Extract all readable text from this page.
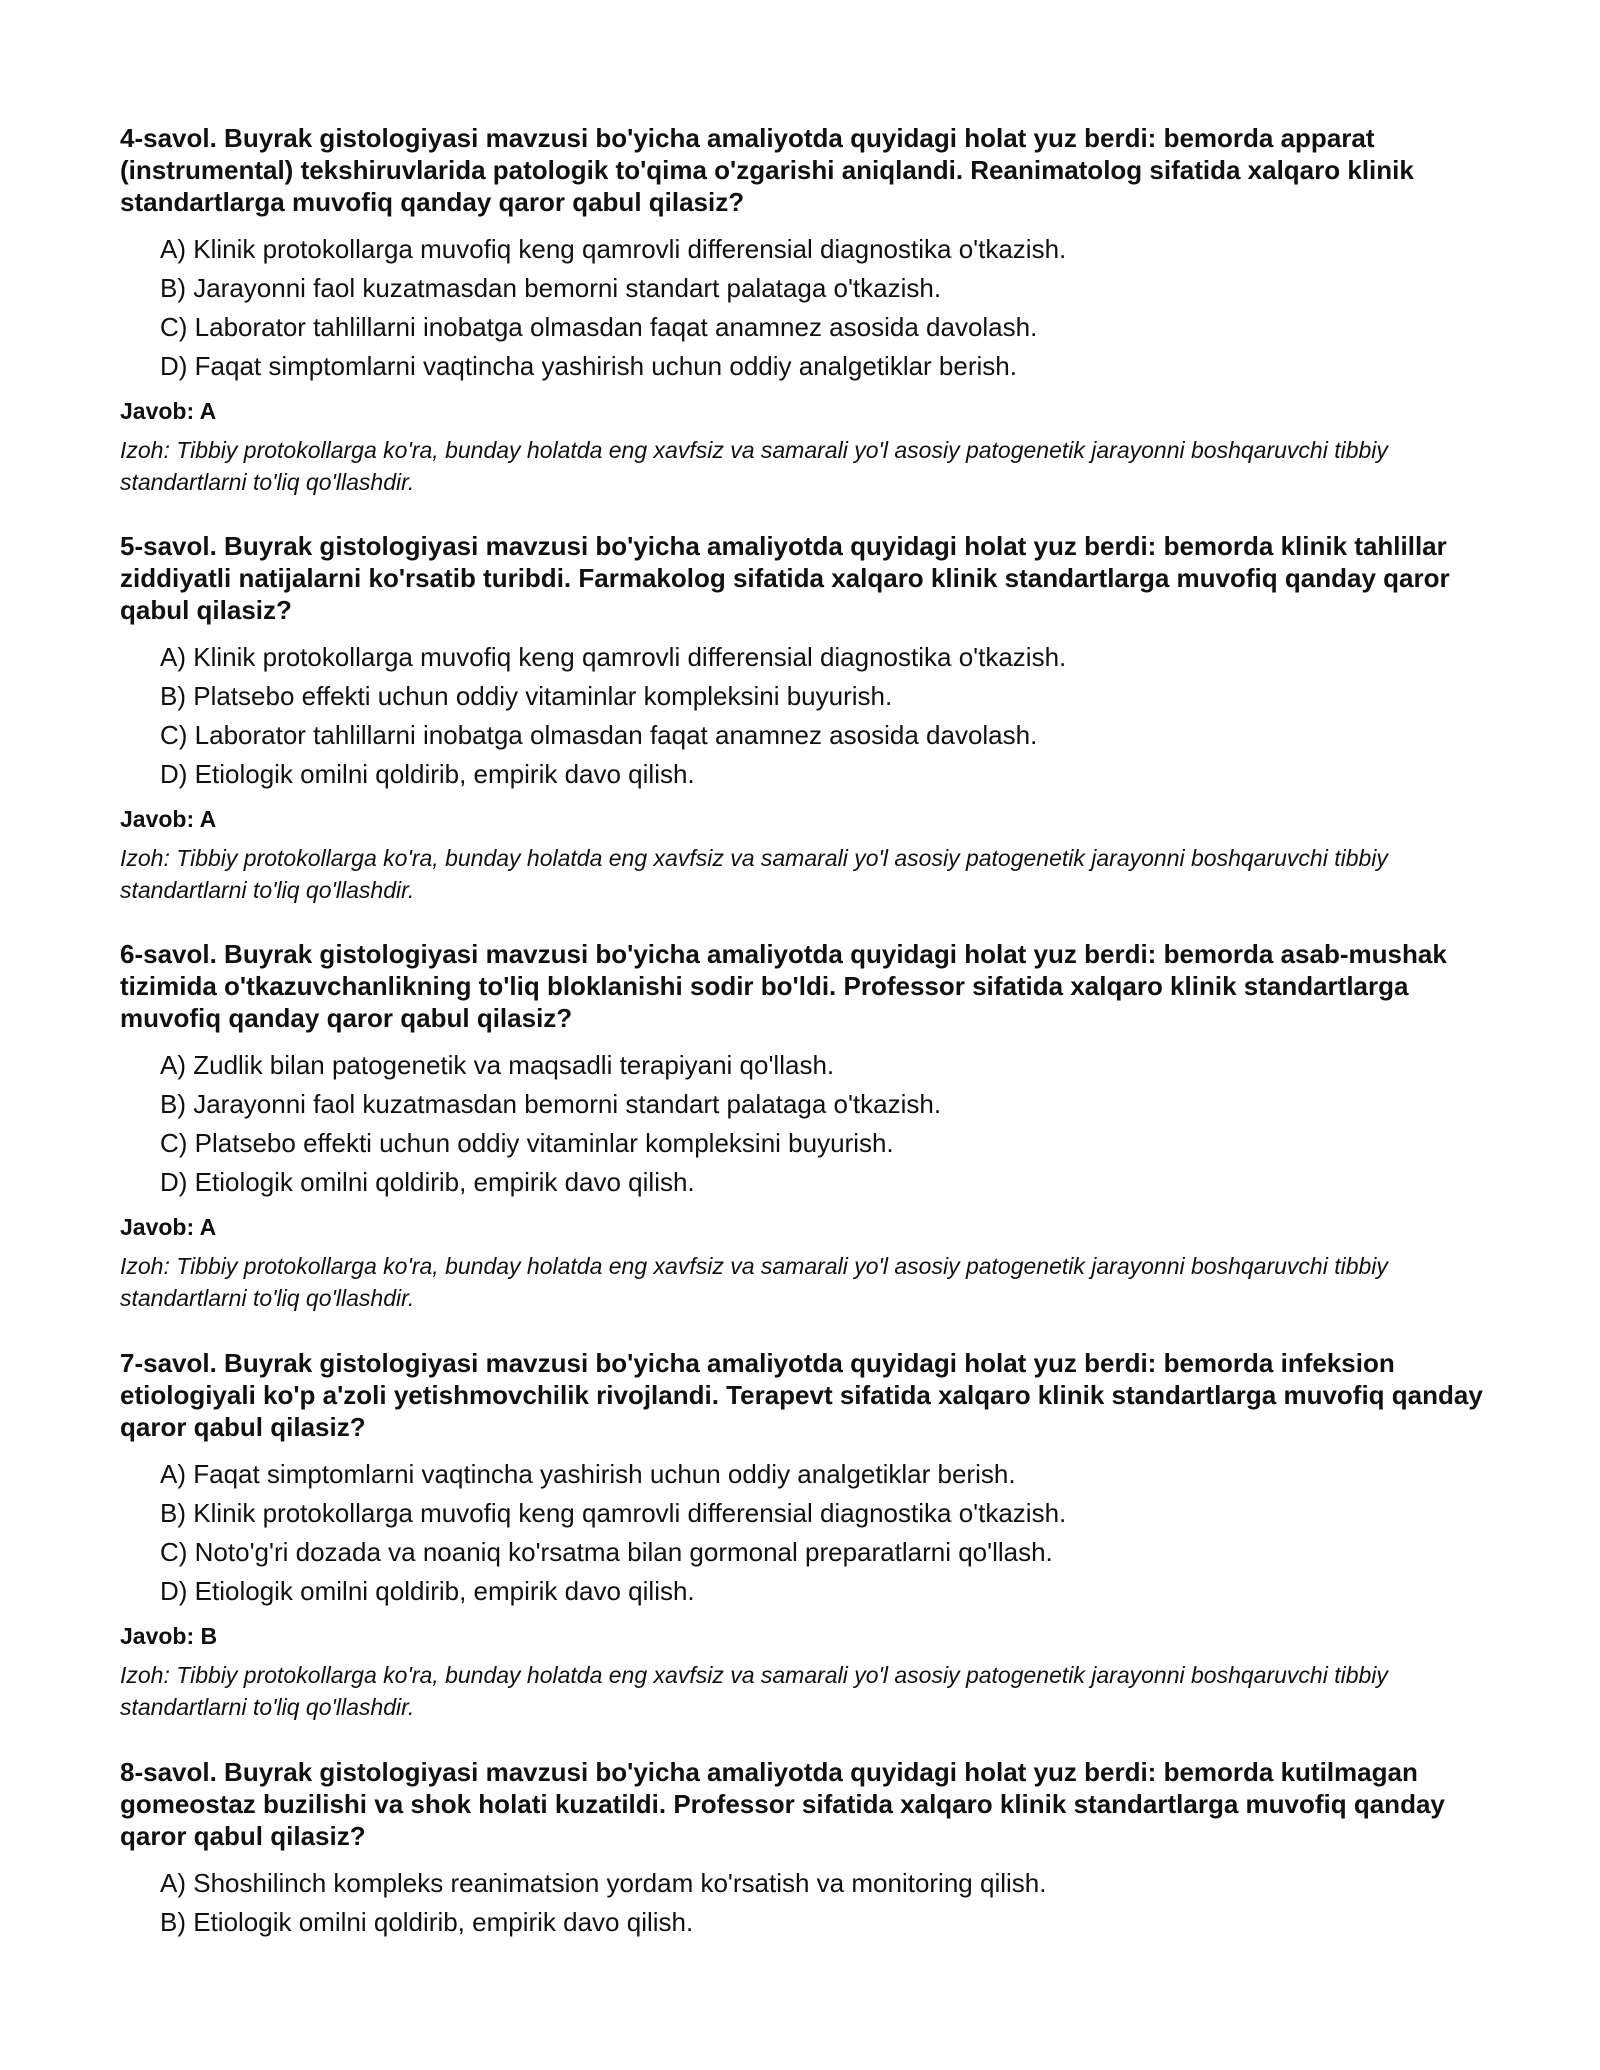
4-savol. Buyrak gistologiyasi mavzusi bo'yicha amaliyotda quyidagi holat yuz berdi: bemorda apparat (instrumental) tekshiruvlarida patologik to'qima o'zgarishi aniqlandi. Reanimatolog sifatida xalqaro klinik standartlarga muvofiq qanday qaror qabul qilasiz?

A) Klinik protokollarga muvofiq keng qamrovli differensial diagnostika o'tkazish.
B) Jarayonni faol kuzatmasdan bemorni standart palataga o'tkazish.
C) Laborator tahlillarni inobatga olmasdan faqat anamnez asosida davolash.
D) Faqat simptomlarni vaqtincha yashirish uchun oddiy analgetiklar berish.

Javob: A

Izoh: Tibbiy protokollarga ko'ra, bunday holatda eng xavfsiz va samarali yo'l asosiy patogenetik jarayonni boshqaruvchi tibbiy standartlarni to'liq qo'llashdir.

5-savol. Buyrak gistologiyasi mavzusi bo'yicha amaliyotda quyidagi holat yuz berdi: bemorda klinik tahlillar ziddiyatli natijalarni ko'rsatib turibdi. Farmakolog sifatida xalqaro klinik standartlarga muvofiq qanday qaror qabul qilasiz?

A) Klinik protokollarga muvofiq keng qamrovli differensial diagnostika o'tkazish.
B) Platsebo effekti uchun oddiy vitaminlar kompleksini buyurish.
C) Laborator tahlillarni inobatga olmasdan faqat anamnez asosida davolash.
D) Etiologik omilni qoldirib, empirik davo qilish.

Javob: A

Izoh: Tibbiy protokollarga ko'ra, bunday holatda eng xavfsiz va samarali yo'l asosiy patogenetik jarayonni boshqaruvchi tibbiy standartlarni to'liq qo'llashdir.

6-savol. Buyrak gistologiyasi mavzusi bo'yicha amaliyotda quyidagi holat yuz berdi: bemorda asab-mushak tizimida o'tkazuvchanlikning to'liq bloklanishi sodir bo'ldi. Professor sifatida xalqaro klinik standartlarga muvofiq qanday qaror qabul qilasiz?

A) Zudlik bilan patogenetik va maqsadli terapiyani qo'llash.
B) Jarayonni faol kuzatmasdan bemorni standart palataga o'tkazish.
C) Platsebo effekti uchun oddiy vitaminlar kompleksini buyurish.
D) Etiologik omilni qoldirib, empirik davo qilish.

Javob: A

Izoh: Tibbiy protokollarga ko'ra, bunday holatda eng xavfsiz va samarali yo'l asosiy patogenetik jarayonni boshqaruvchi tibbiy standartlarni to'liq qo'llashdir.

7-savol. Buyrak gistologiyasi mavzusi bo'yicha amaliyotda quyidagi holat yuz berdi: bemorda infeksion etiologiyali ko'p a'zoli yetishmovchilik rivojlandi. Terapevt sifatida xalqaro klinik standartlarga muvofiq qanday qaror qabul qilasiz?

A) Faqat simptomlarni vaqtincha yashirish uchun oddiy analgetiklar berish.
B) Klinik protokollarga muvofiq keng qamrovli differensial diagnostika o'tkazish.
C) Noto'g'ri dozada va noaniq ko'rsatma bilan gormonal preparatlarni qo'llash.
D) Etiologik omilni qoldirib, empirik davo qilish.

Javob: B

Izoh: Tibbiy protokollarga ko'ra, bunday holatda eng xavfsiz va samarali yo'l asosiy patogenetik jarayonni boshqaruvchi tibbiy standartlarni to'liq qo'llashdir.

8-savol. Buyrak gistologiyasi mavzusi bo'yicha amaliyotda quyidagi holat yuz berdi: bemorda kutilmagan gomeostaz buzilishi va shok holati kuzatildi. Professor sifatida xalqaro klinik standartlarga muvofiq qanday qaror qabul qilasiz?

A) Shoshilinch kompleks reanimatsion yordam ko'rsatish va monitoring qilish.
B) Etiologik omilni qoldirib, empirik davo qilish.
